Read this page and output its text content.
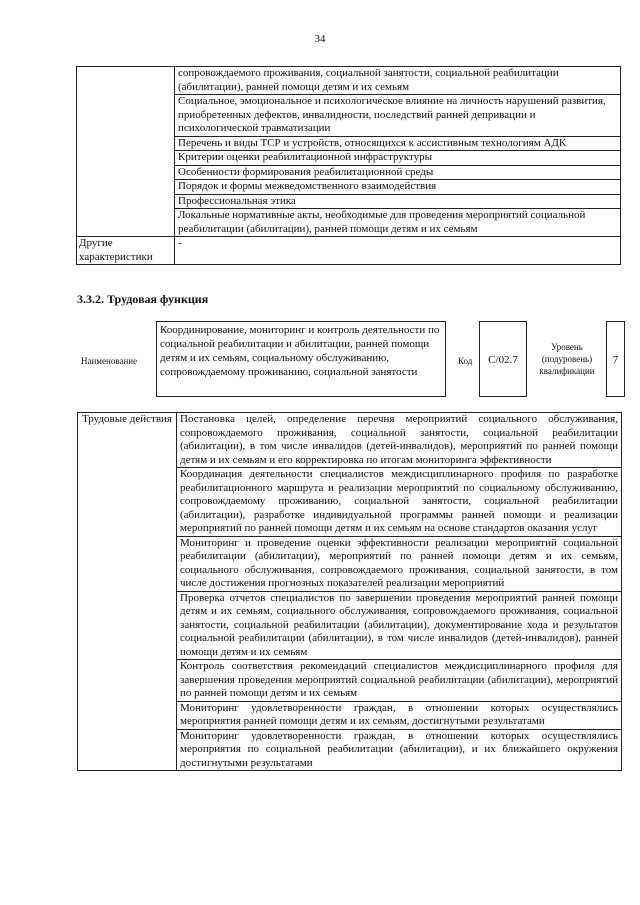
34
	сопровождаемого проживания, социальной занятости, социальной реабилитации (абилитации), ранней помощи детям и их семьям
	Социальное, эмоциональное и психологическое влияние на личность нарушений развития, приобретенных дефектов, инвалидности, последствий ранней депривации и психологической травматизации
	Перечень и виды ТСР и устройств, относящихся к ассистивным технологиям АДК
	Критерии оценки реабилитационной инфраструктуры
	Особенности формирования реабилитационной среды
	Порядок и формы межведомственного взаимодействия
	Профессиональная этика
	Локальные нормативные акты, необходимые для проведения мероприятий социальной реабилитации (абилитации), ранней помощи детям и их семьям
Другие характеристики	-
3.3.2. Трудовая функция
Наименование
Координирование, мониторинг и контроль деятельности по социальной реабилитации и абилитации, ранней помощи детям и их семьям, социальному обслуживанию, сопровождаемому проживанию, социальной занятости
Код	C/02.7
Уровень (подуровень) квалификации
7
Трудовые действия	Постановка целей, определение перечня мероприятий социального обслуживания, сопровождаемого проживания, социальной занятости, социальной реабилитации (абилитации), в том числе инвалидов (детей-инвалидов), мероприятий по ранней помощи детям и их семьям и его корректировка по итогам мониторинга эффективности
Координация деятельности специалистов междисциплинарного профиля по разработке реабилитационного маршрута и реализации мероприятий по социальному обслуживанию, сопровождаемому проживанию, социальной занятости, социальной реабилитации (абилитации), разработке индивидуальной программы ранней помощи и реализации мероприятий по ранней помощи детям и их семьям на основе стандартов оказания услуг
Мониторинг и проведение оценки эффективности реализации мероприятий социальной реабилитации (абилитации), мероприятий по ранней помощи детям и их семьям, социального обслуживания, сопровождаемого проживания, социальной занятости, в том числе достижения прогнозных показателей реализации мероприятий
Проверка отчетов специалистов по завершении проведения мероприятий ранней помощи детям и их семьям, социального обслуживания, сопровождаемого проживания, социальной занятости, социальной реабилитации (абилитации), документирование хода и результатов социальной реабилитации (абилитации), в том числе инвалидов (детей-инвалидов), ранней помощи детям и их семьям
Контроль соответствия рекомендаций специалистов междисциплинарного профиля для завершения проведения мероприятий социальной реабилитации (абилитации), мероприятий по ранней помощи детям и их семьям
Мониторинг удовлетворенности граждан, в отношении которых осуществлялись мероприятия ранней помощи детям и их семьям, достигнутыми результатами
Мониторинг удовлетворенности граждан, в отношении которых осуществлялись мероприятия по социальной реабилитации (абилитации), и их ближайшего окружения достигнутыми результатами
